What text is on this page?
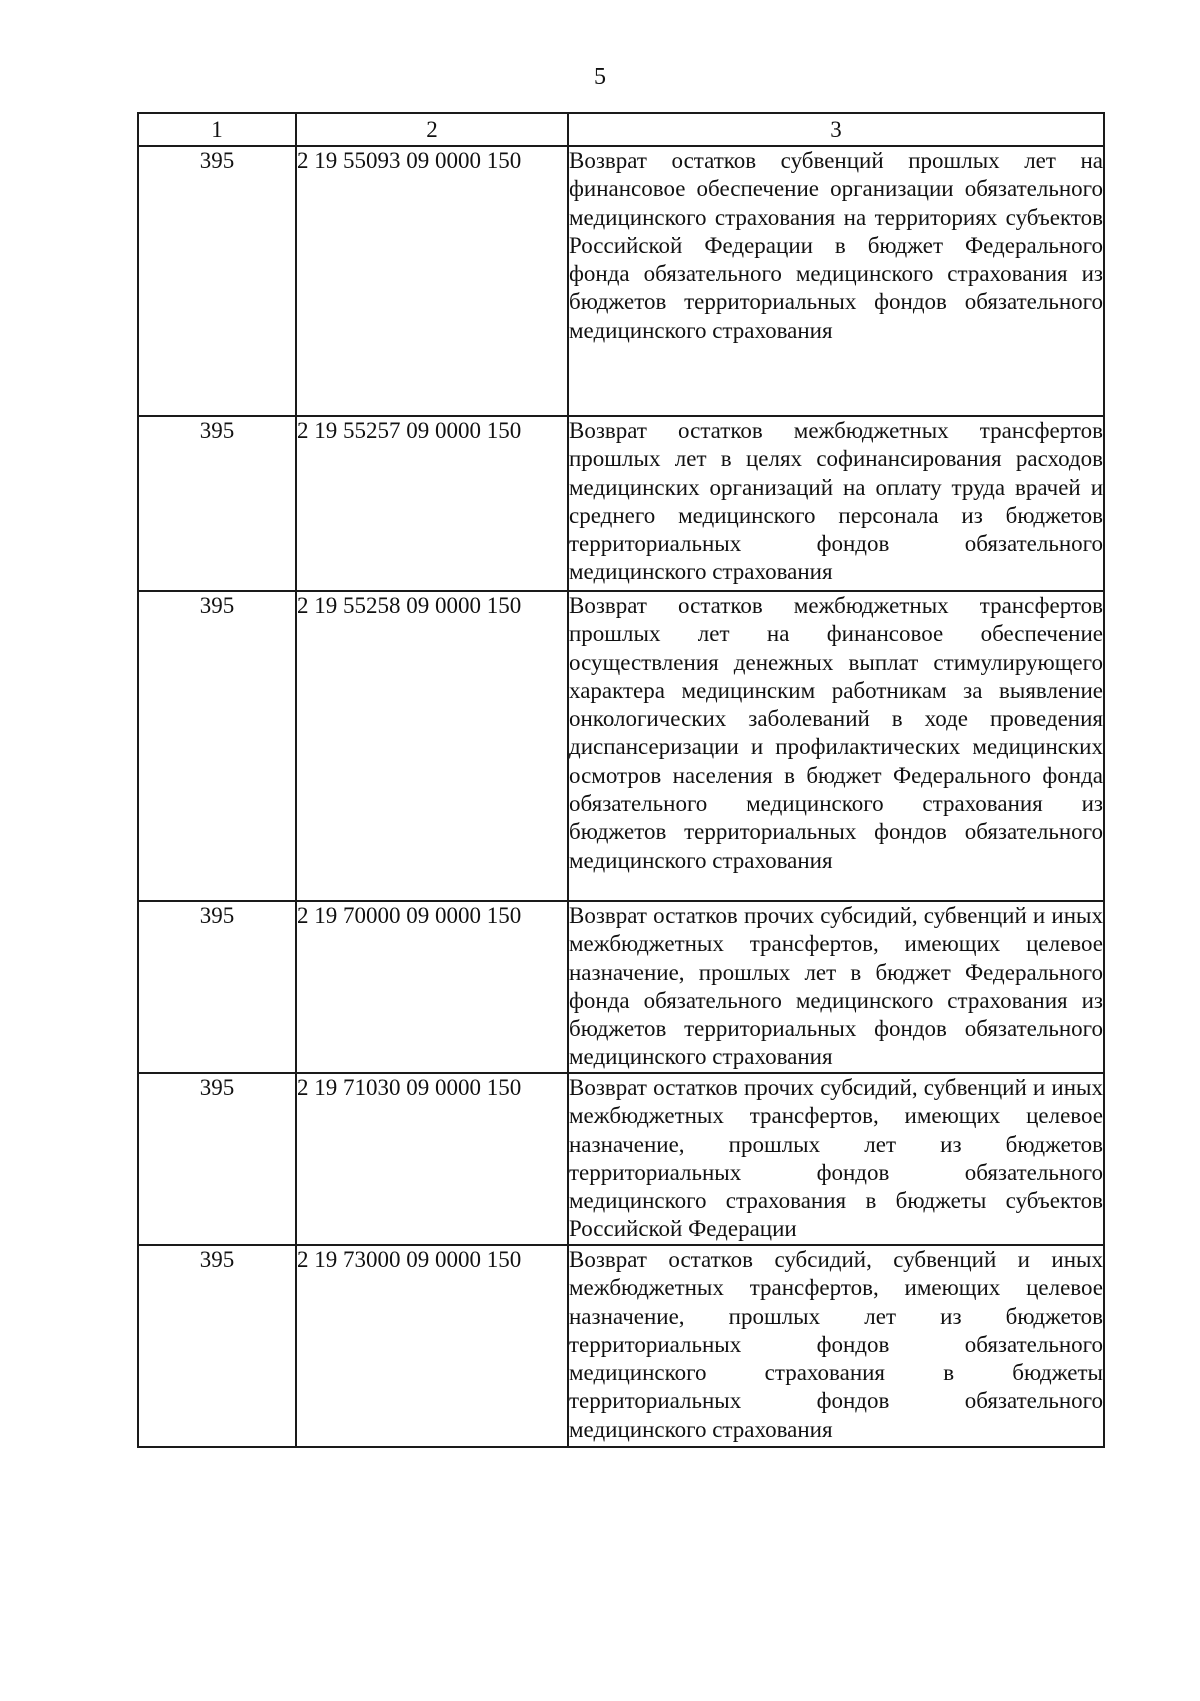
5
1	2	3
395	2 19 55093 09 0000 150	Возврат остатков субвенций прошлых лет на финансовое обеспечение организации обязательного медицинского страхования на территориях субъектов Российской Федерации в бюджет Федерального фонда обязательного медицинского страхования из бюджетов территориальных фондов обязательного медицинского страхования
395	2 19 55257 09 0000 150	Возврат остатков межбюджетных трансфертов прошлых лет в целях софинансирования расходов медицинских организаций на оплату труда врачей и среднего медицинского персонала из бюджетов территориальных фондов обязательного медицинского страхования
395	2 19 55258 09 0000 150	Возврат остатков межбюджетных трансфертов прошлых лет на финансовое обеспечение осуществления денежных выплат стимулирующего характера медицинским работникам за выявление онкологических заболеваний в ходе проведения диспансеризации и профилактических медицинских осмотров населения в бюджет Федерального фонда обязательного медицинского страхования из бюджетов территориальных фондов обязательного медицинского страхования
395	2 19 70000 09 0000 150	Возврат остатков прочих субсидий, субвенций и иных межбюджетных трансфертов, имеющих целевое назначение, прошлых лет в бюджет Федерального фонда обязательного медицинского страхования из бюджетов территориальных фондов обязательного медицинского страхования
395	2 19 71030 09 0000 150	Возврат остатков прочих субсидий, субвенций и иных межбюджетных трансфертов, имеющих целевое назначение, прошлых лет из бюджетов территориальных фондов обязательного медицинского страхования в бюджеты субъектов Российской Федерации
395	2 19 73000 09 0000 150	Возврат остатков субсидий, субвенций и иных межбюджетных трансфертов, имеющих целевое назначение, прошлых лет из бюджетов территориальных фондов обязательного медицинского страхования в бюджеты территориальных фондов обязательного медицинского страхования
